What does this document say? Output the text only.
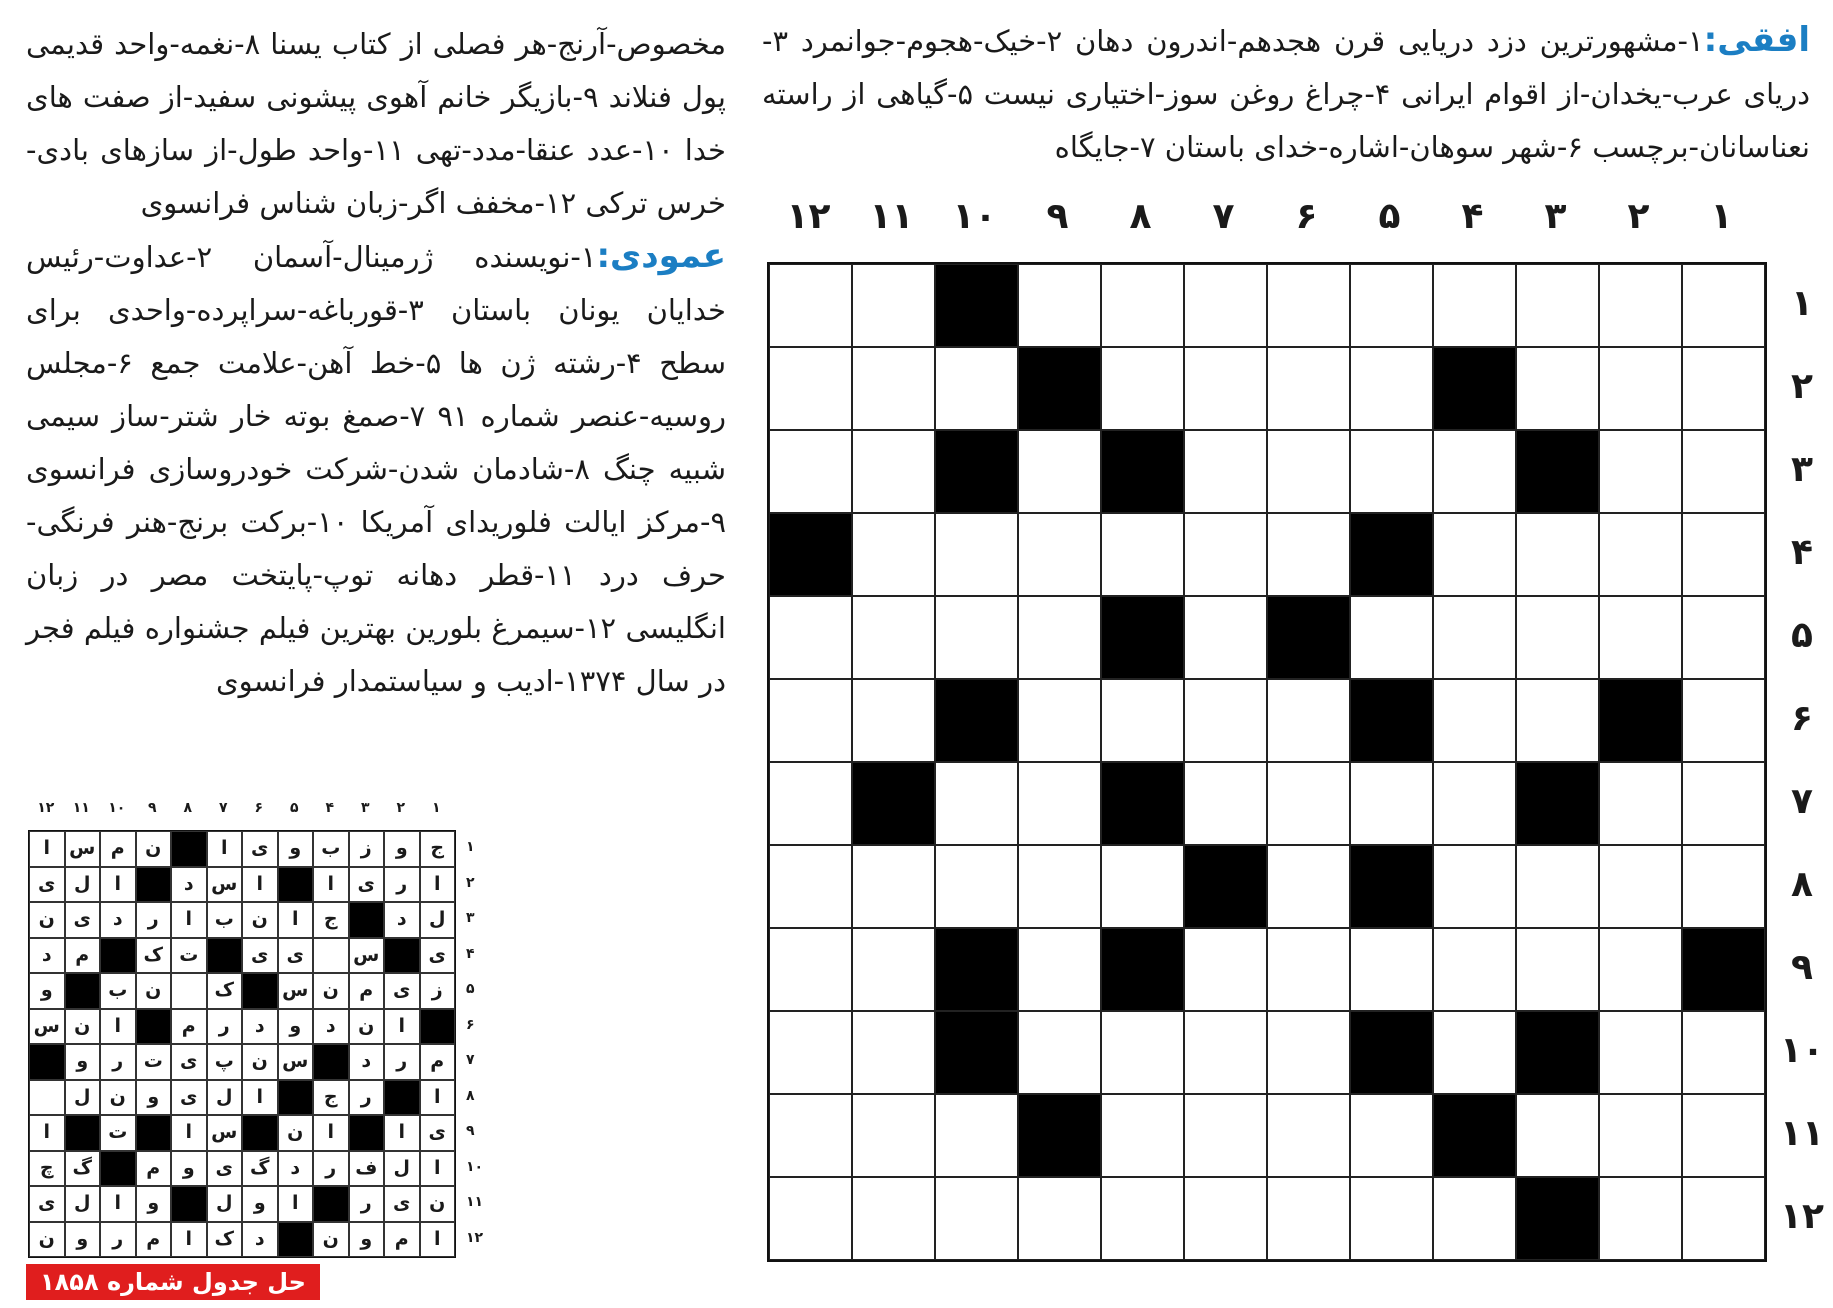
افقی:۱-مشهورترین دزد دریایی قرن هجدهم-اندرون دهان ۲-خیک-هجوم-جوانمرد ۳-دریای عرب-یخدان-از اقوام ایرانی ۴-چراغ روغن سوز-اختیاری نیست ۵-گیاهی از راسته نعناسانان-برچسب ۶-شهر سوهان-اشاره-خدای باستان ۷-جایگاه

مخصوص-آرنج-هر فصلی از کتاب یسنا ۸-نغمه-واحد قدیمی پول فنلاند ۹-بازیگر خانم آهوی پیشونی سفید-از صفت های خدا ۱۰-عدد عنقا-مدد-تهی ۱۱-واحد طول-از سازهای بادی-خرس ترکی ۱۲-مخفف اگر-زبان شناس فرانسوی

عمودی:۱-نویسنده ژرمینال-آسمان ۲-عداوت-رئیس خدایان یونان باستان ۳-قورباغه-سراپرده-واحدی برای سطح ۴-رشته ژن ها ۵-خط آهن-علامت جمع ۶-مجلس روسیه-عنصر شماره ۹۱ ۷-صمغ بوته خار شتر-ساز سیمی شبیه چنگ ۸-شادمان شدن-شرکت خودروسازی فرانسوی ۹-مرکز ایالت فلوریدای آمریکا ۱۰-برکت برنج-هنر فرنگی-حرف درد ۱۱-قطر دهانه توپ-پایتخت مصر در زبان انگلیسی ۱۲-سیمرغ بلورین بهترین فیلم جشنواره فیلم فجر در سال ۱۳۷۴-ادیب و سیاستمدار فرانسوی

۱
۲
۳
۴
۵
۶
۷
۸
۹
۱۰
۱۱
۱۲
۱
۲
۳
۴
۵
۶
۷
۸
۹
۱۰
۱۱
۱۲
۱
۲
۳
۴
۵
۶
۷
۸
۹
۱۰
۱۱
۱۲
۱
۲
۳
۴
۵
۶
۷
۸
۹
۱۰
۱۱
۱۲
ج
و
ز
ب
و
ی
ا
ن
م
س
ا
ا
ر
ی
ا
ا
س
د
ا
ل
ی
ل
د
ج
ا
ن
ب
ا
ر
د
ی
ن
ی
س
ی
ی
ت
ک
م
د
ز
ی
م
ن
س
ک
ن
ب
و
ا
ن
د
و
د
ر
م
ا
ن
س
م
ر
د
س
ن
پ
ی
ت
ر
و
ا
ر
ج
ا
ل
ی
و
ن
ل
ی
ا
ا
ن
س
ا
ت
ا
ا
ل
ف
ر
د
گ
ی
و
م
گ
چ
ن
ی
ر
ا
و
ل
و
ا
ل
ی
ا
م
و
ن
د
ک
ا
م
ر
و
ن
حل جدول شماره ۱۸۵۸
